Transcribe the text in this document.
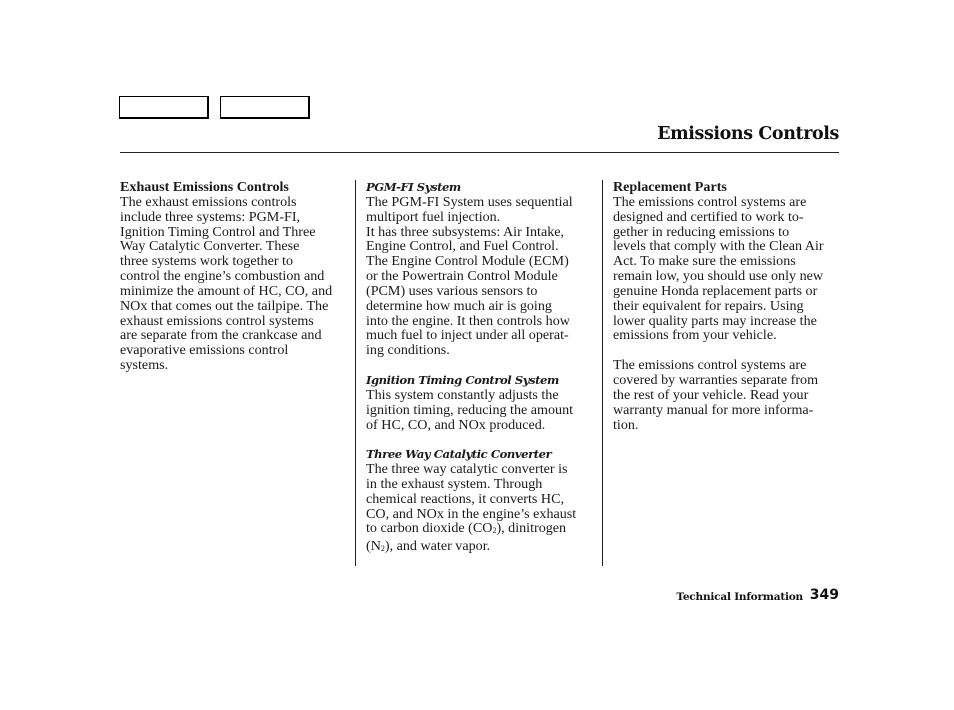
Emissions Controls
Exhaust Emissions Controls
The exhaust emissions controls
include three systems: PGM-FI,
Ignition Timing Control and Three
Way Catalytic Converter. These
three systems work together to
control the engine’s combustion and
minimize the amount of HC, CO, and
NOx that comes out the tailpipe. The
exhaust emissions control systems
are separate from the crankcase and
evaporative emissions control
systems.
PGM-FI System
The PGM-FI System uses sequential
multiport fuel injection.
It has three subsystems: Air Intake,
Engine Control, and Fuel Control.
The Engine Control Module (ECM)
or the Powertrain Control Module
(PCM) uses various sensors to
determine how much air is going
into the engine. It then controls how
much fuel to inject under all operat-
ing conditions.
Ignition Timing Control System
This system constantly adjusts the
ignition timing, reducing the amount
of HC, CO, and NOx produced.
Three Way Catalytic Converter
The three way catalytic converter is
in the exhaust system. Through
chemical reactions, it converts HC,
CO, and NOx in the engine’s exhaust
to carbon dioxide (CO2), dinitrogen
(N2), and water vapor.
Replacement Parts
The emissions control systems are
designed and certified to work to-
gether in reducing emissions to
levels that comply with the Clean Air
Act. To make sure the emissions
remain low, you should use only new
genuine Honda replacement parts or
their equivalent for repairs. Using
lower quality parts may increase the
emissions from your vehicle.
The emissions control systems are
covered by warranties separate from
the rest of your vehicle. Read your
warranty manual for more informa-
tion.
Technical Information 349
